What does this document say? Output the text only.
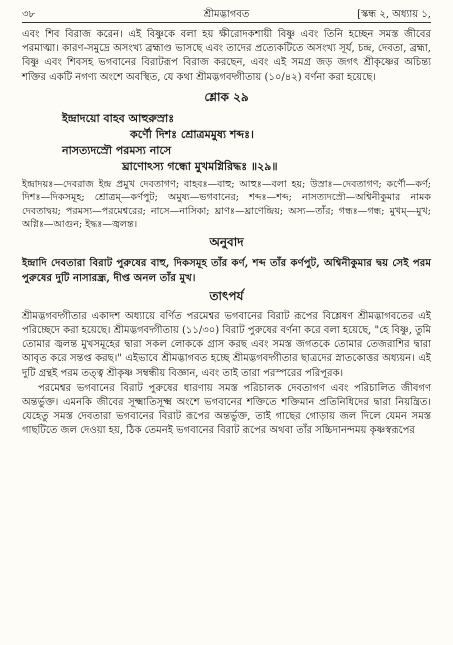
৩৮	শ্রীমদ্ভাগবত	[স্কন্ধ ২, অধ্যায় ১,

এবং শিব বিরাজ করেন। এই বিষ্ণুকে বলা হয় ক্ষীরোদকশায়ী বিষ্ণু এবং তিনি হচ্ছেন সমস্ত জীবের পরমাত্মা। কারণ-সমুদ্রে অসংখ্য ব্রহ্মাণ্ড ভাসছে এবং তাদের প্রত্যেকটিতে অসংখ্য সূর্য, চন্দ্র, দেবতা, ব্রহ্মা, বিষ্ণু এবং শিবসহ ভগবানের বিরাটরূপ বিরাজ করছেন, এবং এই সমগ্র জড় জগৎ শ্রীকৃষ্ণের অচিন্ত্য শক্তির একটি নগণ্য অংশে অবস্থিত, যে কথা শ্রীমদ্ভগবদ্গীতায় (১০/৪২) বর্ণনা করা হয়েছে।

শ্লোক ২৯
ইন্দ্রাদয়ো বাহব আহুরুস্রাঃ
কর্ণৌ দিশঃ শ্রোত্রমমুষ্য শব্দঃ।
নাসত্যদস্রৌ পরমস্য নাসে
ঘ্রাণোঽস্য গন্ধো মুখমগ্নিরিদ্ধঃ ॥২৯॥

ইন্দ্রাদয়ঃ—দেবরাজ ইন্দ্র প্রমুখ দেবতাগণ; বাহবঃ—বাহু; আহুঃ—বলা হয়; উস্রাঃ—দেবতাগণ; কর্ণৌ—কর্ণ; দিশঃ—দিকসমূহ; শ্রোত্রম্‌—কর্ণপুট; অমুষ্য—ভগবানের; শব্দঃ—শব্দ; নাসত্যদস্রৌ—অশ্বিনীকুমার নামক দেবতাদ্বয়; পরমস্য—পরমেশ্বরের; নাসে—নাসিকা; ঘ্রাণঃ—ঘ্রাণেন্দ্রিয়; অস্য—তাঁর; গন্ধঃ—গন্ধ; মুখম্‌—মুখ; অগ্নিঃ—আগুন; ইদ্ধঃ—জ্বলন্ত।

অনুবাদ

ইন্দ্রাদি দেবতারা বিরাট পুরুষের বাহু, দিকসমূহ তাঁর কর্ণ, শব্দ তাঁর কর্ণপুট, অশ্বিনীকুমার দ্বয় সেই পরম পুরুষের দুটি নাসারন্ধ্র, দীপ্ত অনল তাঁর মুখ।

তাৎপর্য

শ্রীমদ্ভগবদ্গীতার একাদশ অধ্যায়ে বর্ণিত পরমেশ্বর ভগবানের বিরাট রূপের বিশ্লেষণ শ্রীমদ্ভাগবতের এই পরিচ্ছেদে করা হয়েছে। শ্রীমদ্ভগবদ্গীতায় (১১/৩০) বিরাট পুরুষের বর্ণনা করে বলা হয়েছে, "হে বিষ্ণু, তুমি তোমার জ্বলন্ত মুখসমূহের দ্বারা সকল লোককে গ্রাস করছ এবং সমস্ত জগতকে তোমার তেজরাশির দ্বারা আবৃত করে সন্তপ্ত করছ।" এইভাবে শ্রীমদ্ভাগবত হচ্ছে শ্রীমদ্ভগবদ্গীতার ছাত্রদের স্নাতকোত্তর অধ্যয়ন। এই দুটি গ্রন্থই পরম তত্ত্ব শ্রীকৃষ্ণ সম্বন্ধীয় বিজ্ঞান, এবং তাই তারা পরস্পরের পরিপূরক।

পরমেশ্বর ভগবানের বিরাট পুরুষের ধারণায় সমস্ত পরিচালক দেবতাগণ এবং পরিচালিত জীবগণ অন্তর্ভুক্ত। এমনকি জীবের সূক্ষ্মাতিসূক্ষ্ম অংশে ভগবানের শক্তিতে শক্তিমান প্রতিনিধিদের দ্বারা নিয়ন্ত্রিত। যেহেতু সমস্ত দেবতারা ভগবানের বিরাট রূপের অন্তর্ভুক্ত, তাই গাছের গোড়ায় জল দিলে যেমন সমস্ত গাছটিতে জল দেওয়া হয়, ঠিক তেমনই ভগবানের বিরাট রূপের অথবা তাঁর সচ্চিদানন্দময় কৃষ্ণস্বরূপের
